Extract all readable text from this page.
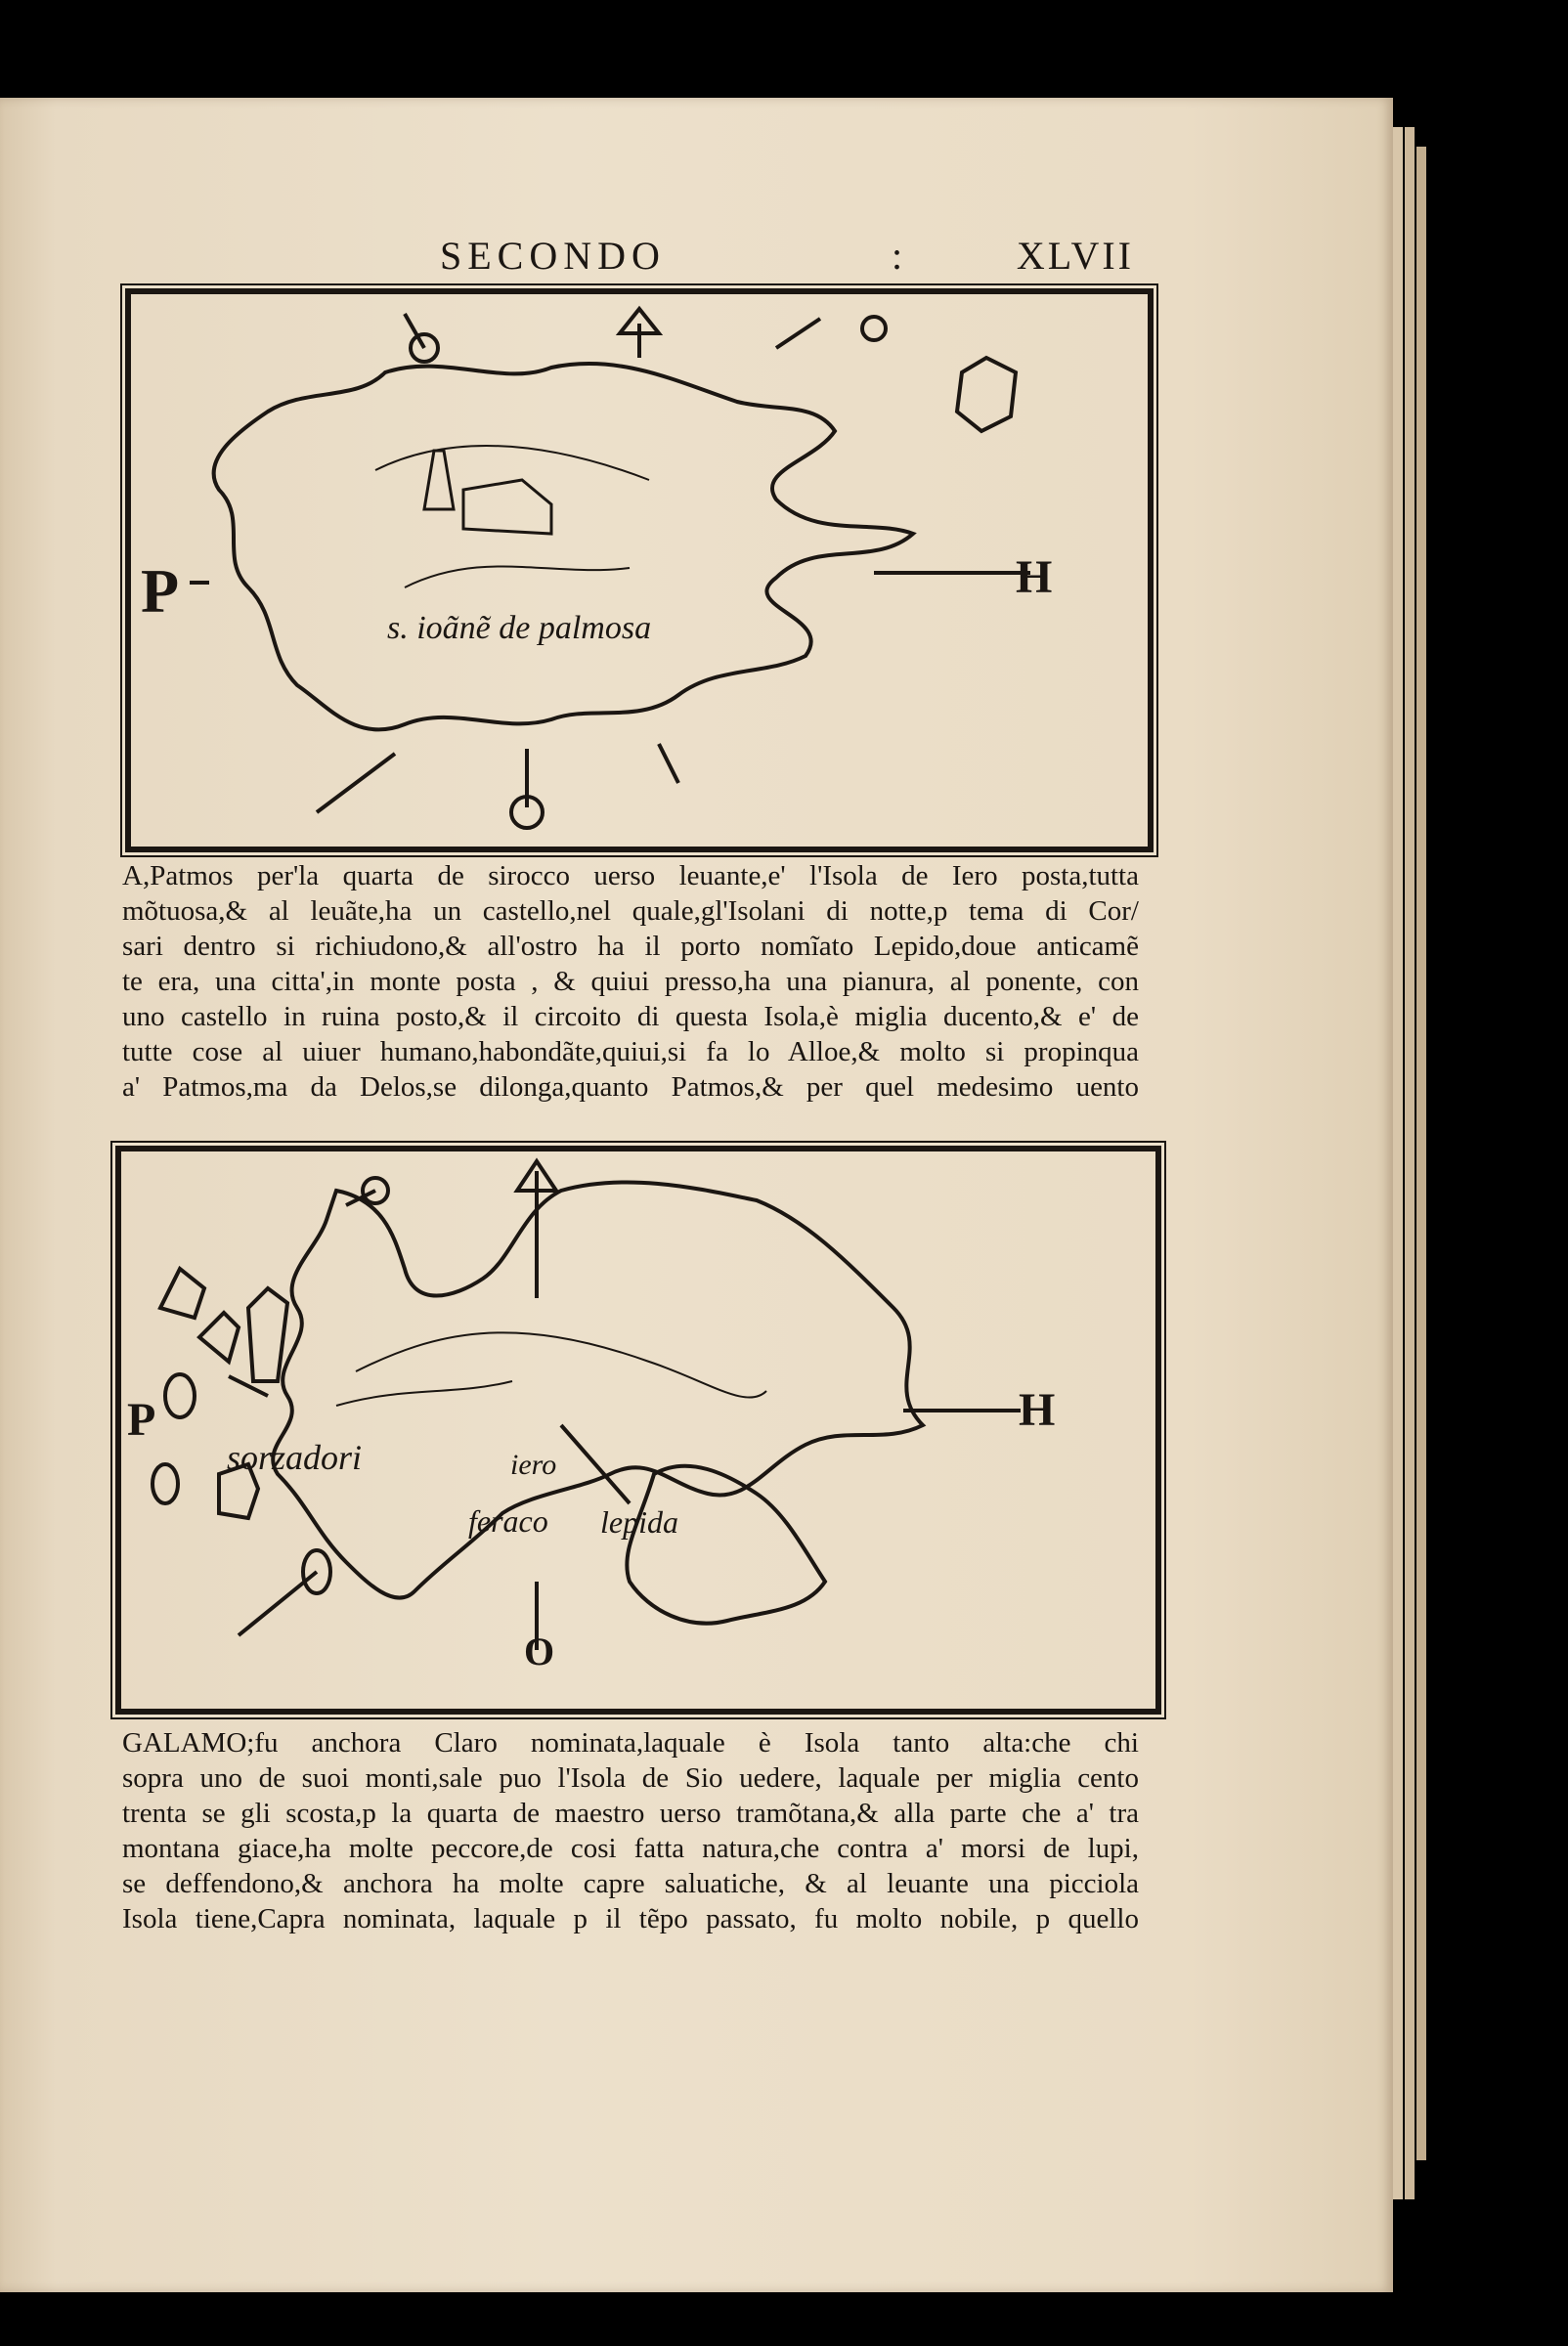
SECONDO	:	XLVII
P	H
s. ioãnẽ de palmosa
A,Patmos per'la quarta de sirocco uerso leuante,e' l'Isola de Iero posta,tutta
mõtuosa,& al leuãte,ha un castello,nel quale,gl'Isolani di notte,p tema di Cor/
sari dentro si richiudono,& all'ostro ha il porto nomĩato Lepido,doue anticamẽ
te era, una citta',in monte posta , & quiui presso,ha una pianura, al ponente, con
uno castello in ruina posto,& il circoito di questa Isola,è miglia ducento,& e' de
tutte cose al uiuer humano,habondãte,quiui,si fa lo Alloe,& molto si propinqua
a' Patmos,ma da Delos,se dilonga,quanto Patmos,& per quel medesimo uento
P	H
O
sorzadori	iero
feraco lepida
GALAMO;fu anchora Claro nominata,laquale è Isola tanto alta:che chi
sopra uno de suoi monti,sale puo l'Isola de Sio uedere, laquale per miglia cento
trenta se gli scosta,p la quarta de maestro uerso tramõtana,& alla parte che a' tra
montana giace,ha molte peccore,de cosi fatta natura,che contra a' morsi de lupi,
se deffendono,& anchora ha molte capre saluatiche, & al leuante una picciola
Isola tiene,Capra nominata, laquale p il tẽpo passato, fu molto nobile, p quello
